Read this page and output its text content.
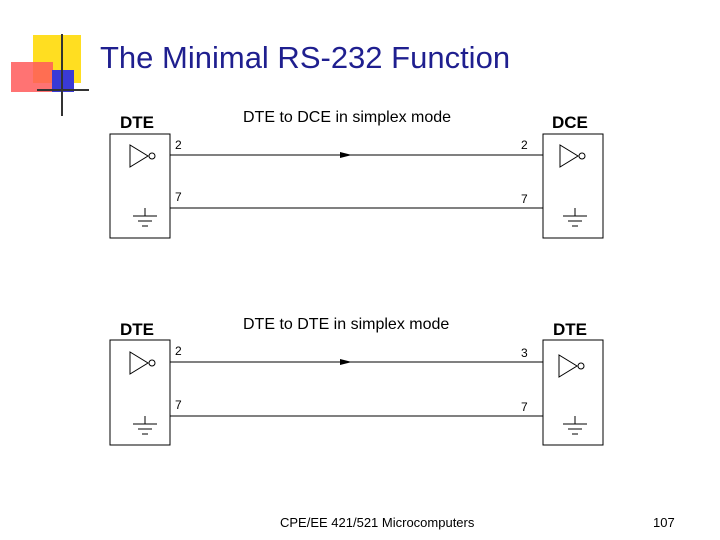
The Minimal RS-232 Function
DTE	DTE to DCE in simplex mode	DCE
2	2
7	7
DTE	DTE to DTE in simplex mode	DTE
2	3
7	7
CPE/EE 421/521 Microcomputers	107
